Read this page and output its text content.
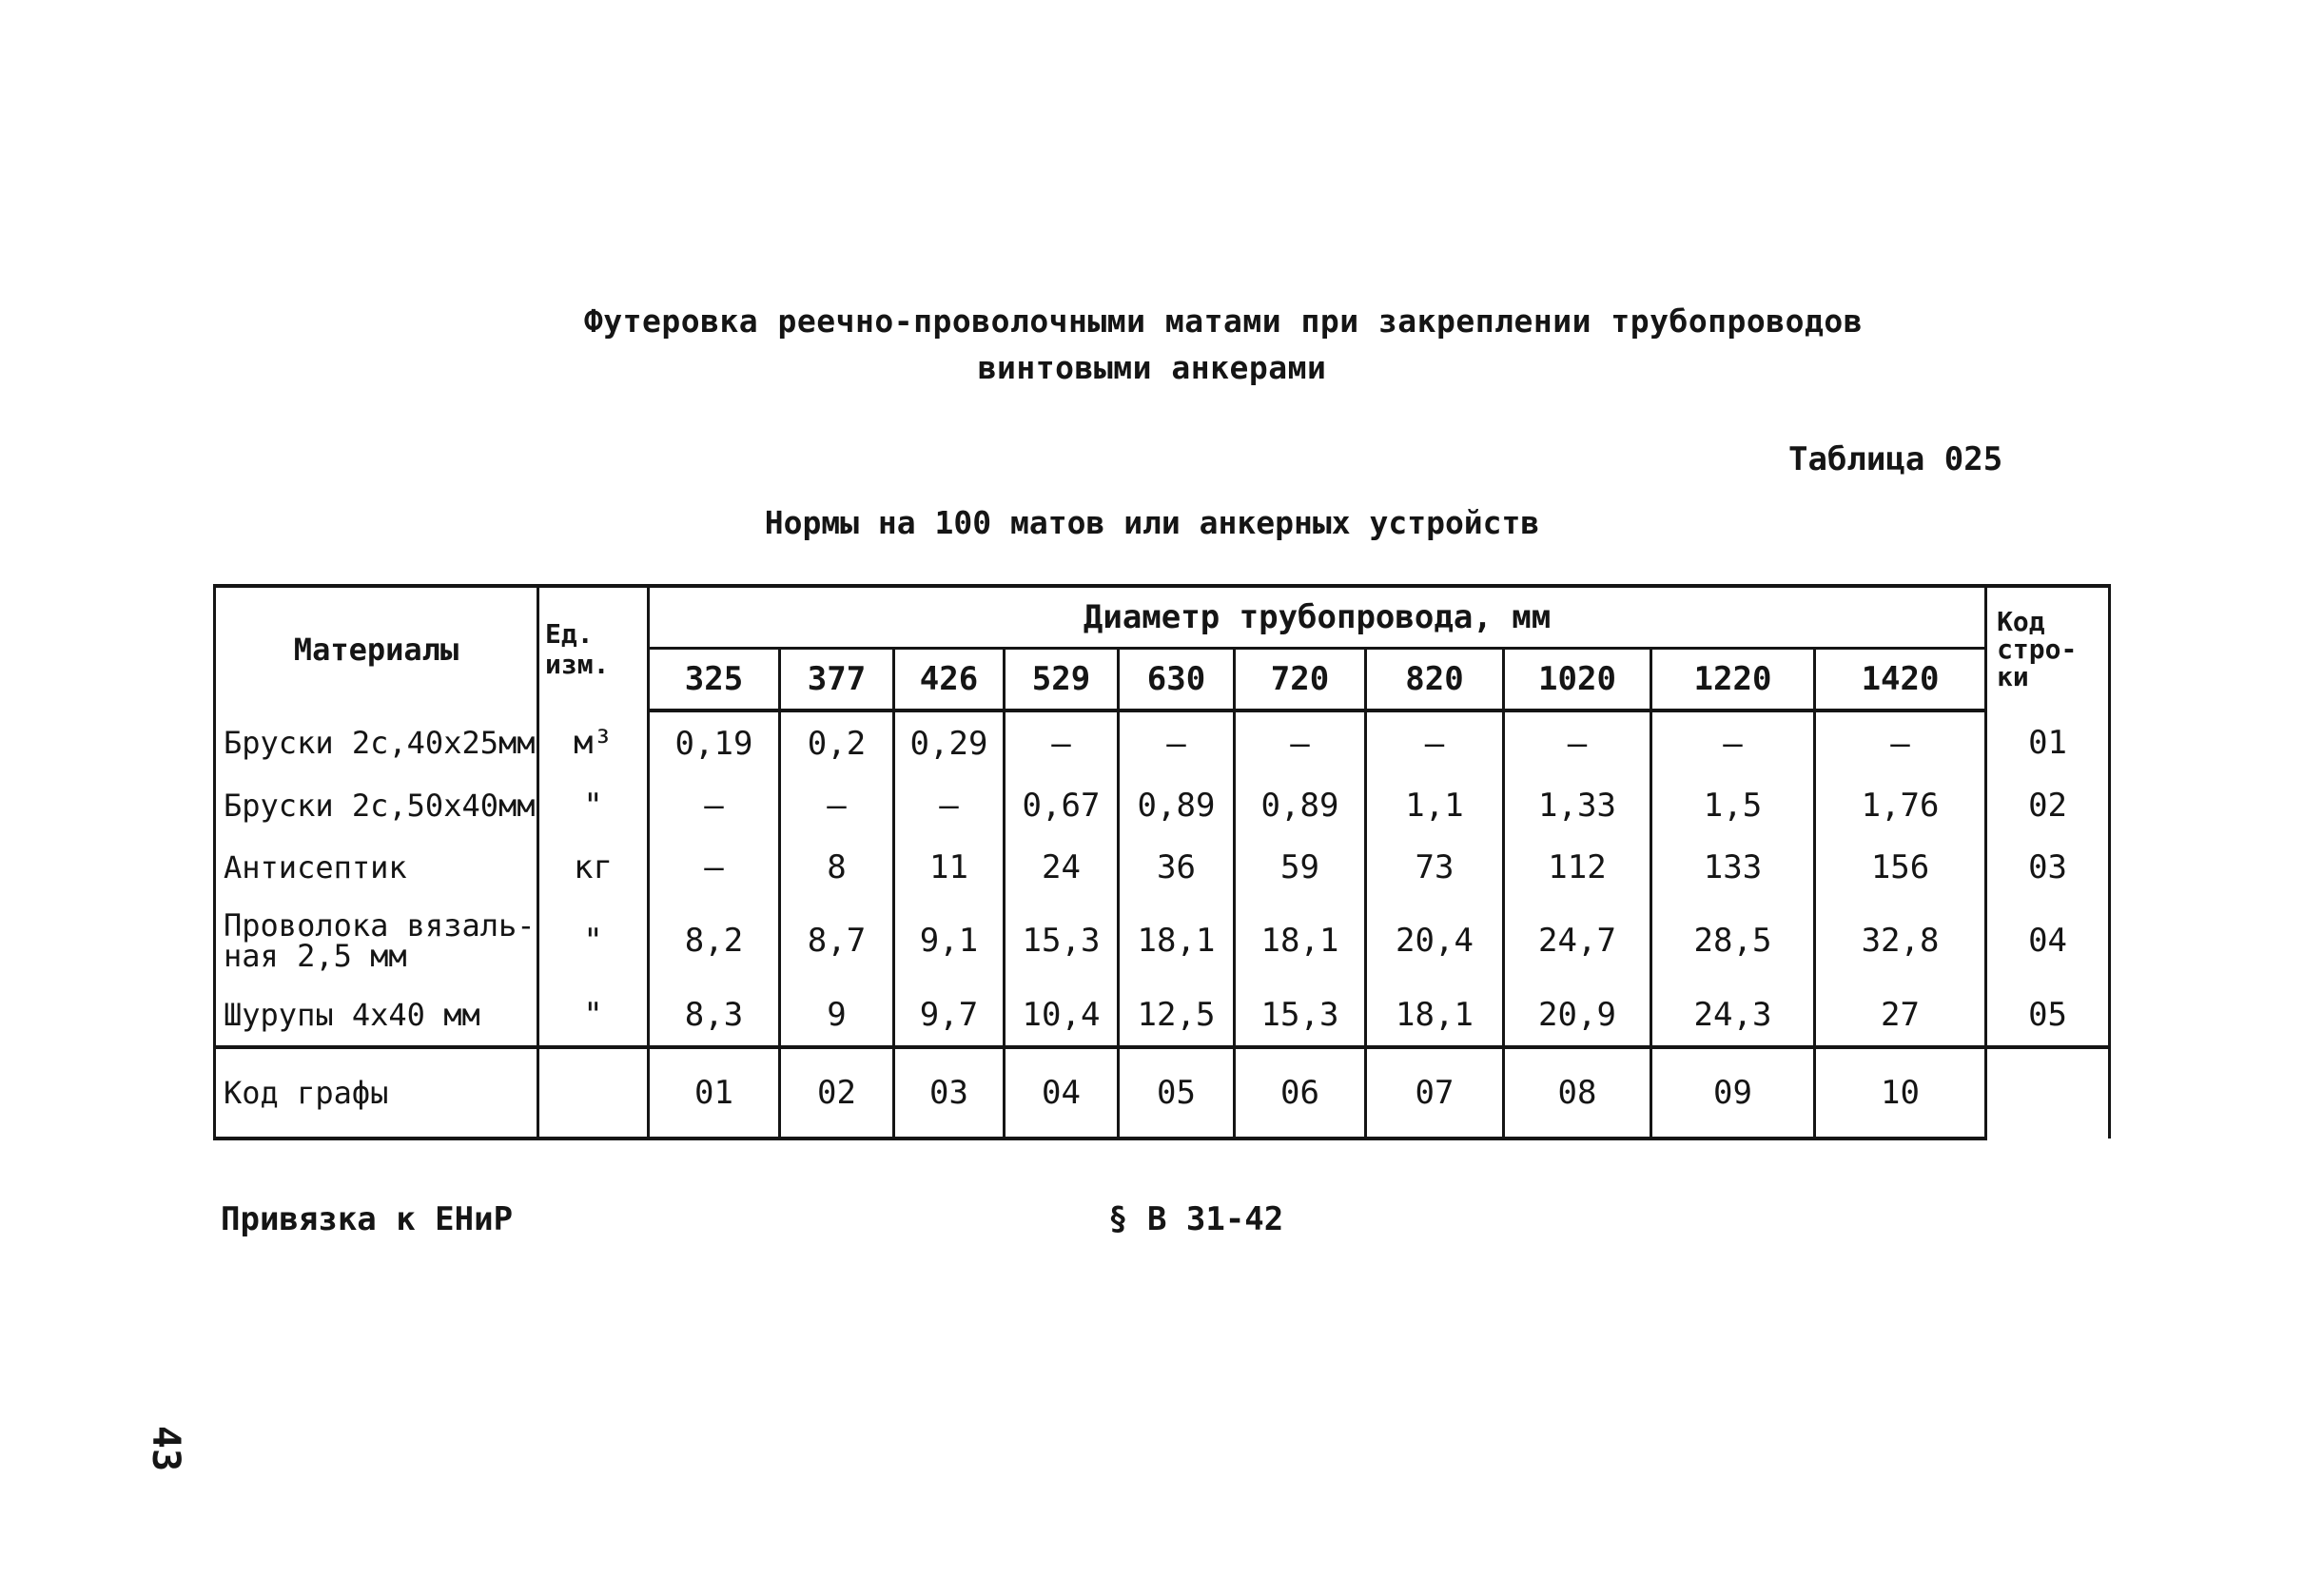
Футеровка реечно-проволочными матами при закреплении трубопроводов
винтовыми анкерами
Таблица 025
Нормы на 100 матов или анкерных устройств
Материалы	Ед. изм.	Диаметр трубопровода, мм										Код стро-ки
		325	377	426	529	630	720	820	1020	1220	1420	
Бруски 2с,40х25мм	м³	0,19	0,2	0,29	–	–	–	–	–	–	–	01
Бруски 2с,50х40мм	"	–	–	–	0,67	0,89	0,89	1,1	1,33	1,5	1,76	02
Антисептик	кг	–	8	11	24	36	59	73	112	133	156	03
Проволока вязаль-ная 2,5 мм	"	8,2	8,7	9,1	15,3	18,1	18,1	20,4	24,7	28,5	32,8	04
Шурупы 4х40 мм	"	8,3	9	9,7	10,4	12,5	15,3	18,1	20,9	24,3	27	05
Код графы		01	02	03	04	05	06	07	08	09	10	
Привязка к ЕНиР	§ В 31-42
43
